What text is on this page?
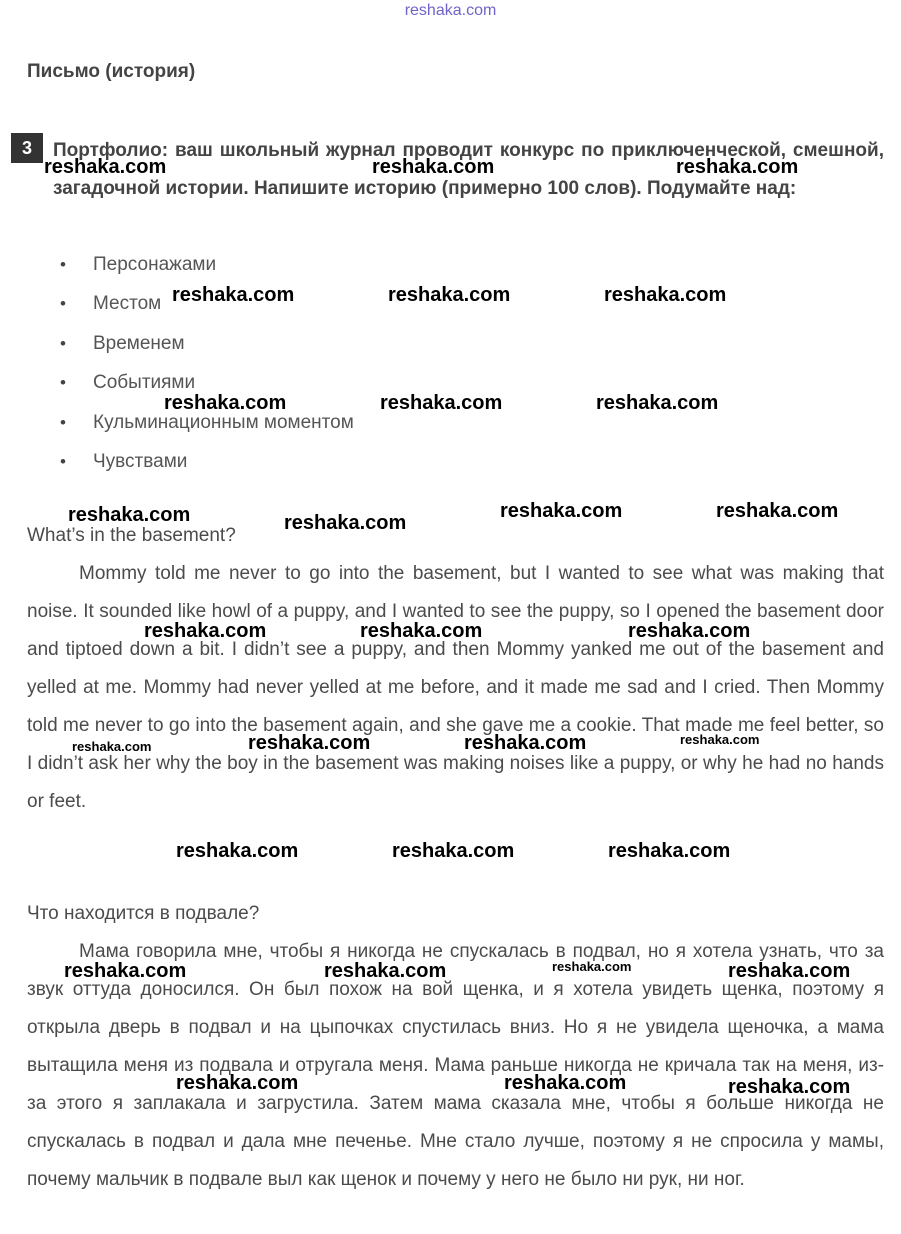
reshaka.com
Письмо (история)
3	Портфолио: ваш школьный журнал проводит конкурс по приключенческой, смешной, загадочной истории. Напишите историю (примерно 100 слов). Подумайте над:
• Персонажами
• Местом
• Временем
• Событиями
• Кульминационным моментом
• Чувствами

What’s in the basement?

Mommy told me never to go into the basement, but I wanted to see what was making that noise. It sounded like howl of a puppy, and I wanted to see the puppy, so I opened the basement door and tiptoed down a bit. I didn’t see a puppy, and then Mommy yanked me out of the basement and yelled at me. Mommy had never yelled at me before, and it made me sad and I cried. Then Mommy told me never to go into the basement again, and she gave me a cookie. That made me feel better, so I didn’t ask her why the boy in the basement was making noises like a puppy, or why he had no hands or feet.

Что находится в подвале?

Мама говорила мне, чтобы я никогда не спускалась в подвал, но я хотела узнать, что за звук оттуда доносился. Он был похож на вой щенка, и я хотела увидеть щенка, поэтому я открыла дверь в подвал и на цыпочках спустилась вниз. Но я не увидела щеночка, а мама вытащила меня из подвала и отругала меня. Мама раньше никогда не кричала так на меня, из-за этого я заплакала и загрустила. Затем мама сказала мне, чтобы я больше никогда не спускалась в подвал и дала мне печенье. Мне стало лучше, поэтому я не спросила у мамы, почему мальчик в подвале выл как щенок и почему у него не было ни рук, ни ног.

reshaka.com	reshaka.com	reshaka.com
reshaka.com	reshaka.com	reshaka.com
reshaka.com	reshaka.com	reshaka.com
reshaka.com	reshaka.com
reshaka.com	reshaka.com
reshaka.com	reshaka.com	reshaka.com
reshaka.com	reshaka.com	reshaka.com	reshaka.com
reshaka.com	reshaka.com	reshaka.com
reshaka.com	reshaka.com	reshaka.com	reshaka.com
reshaka.com	reshaka.com	reshaka.com
